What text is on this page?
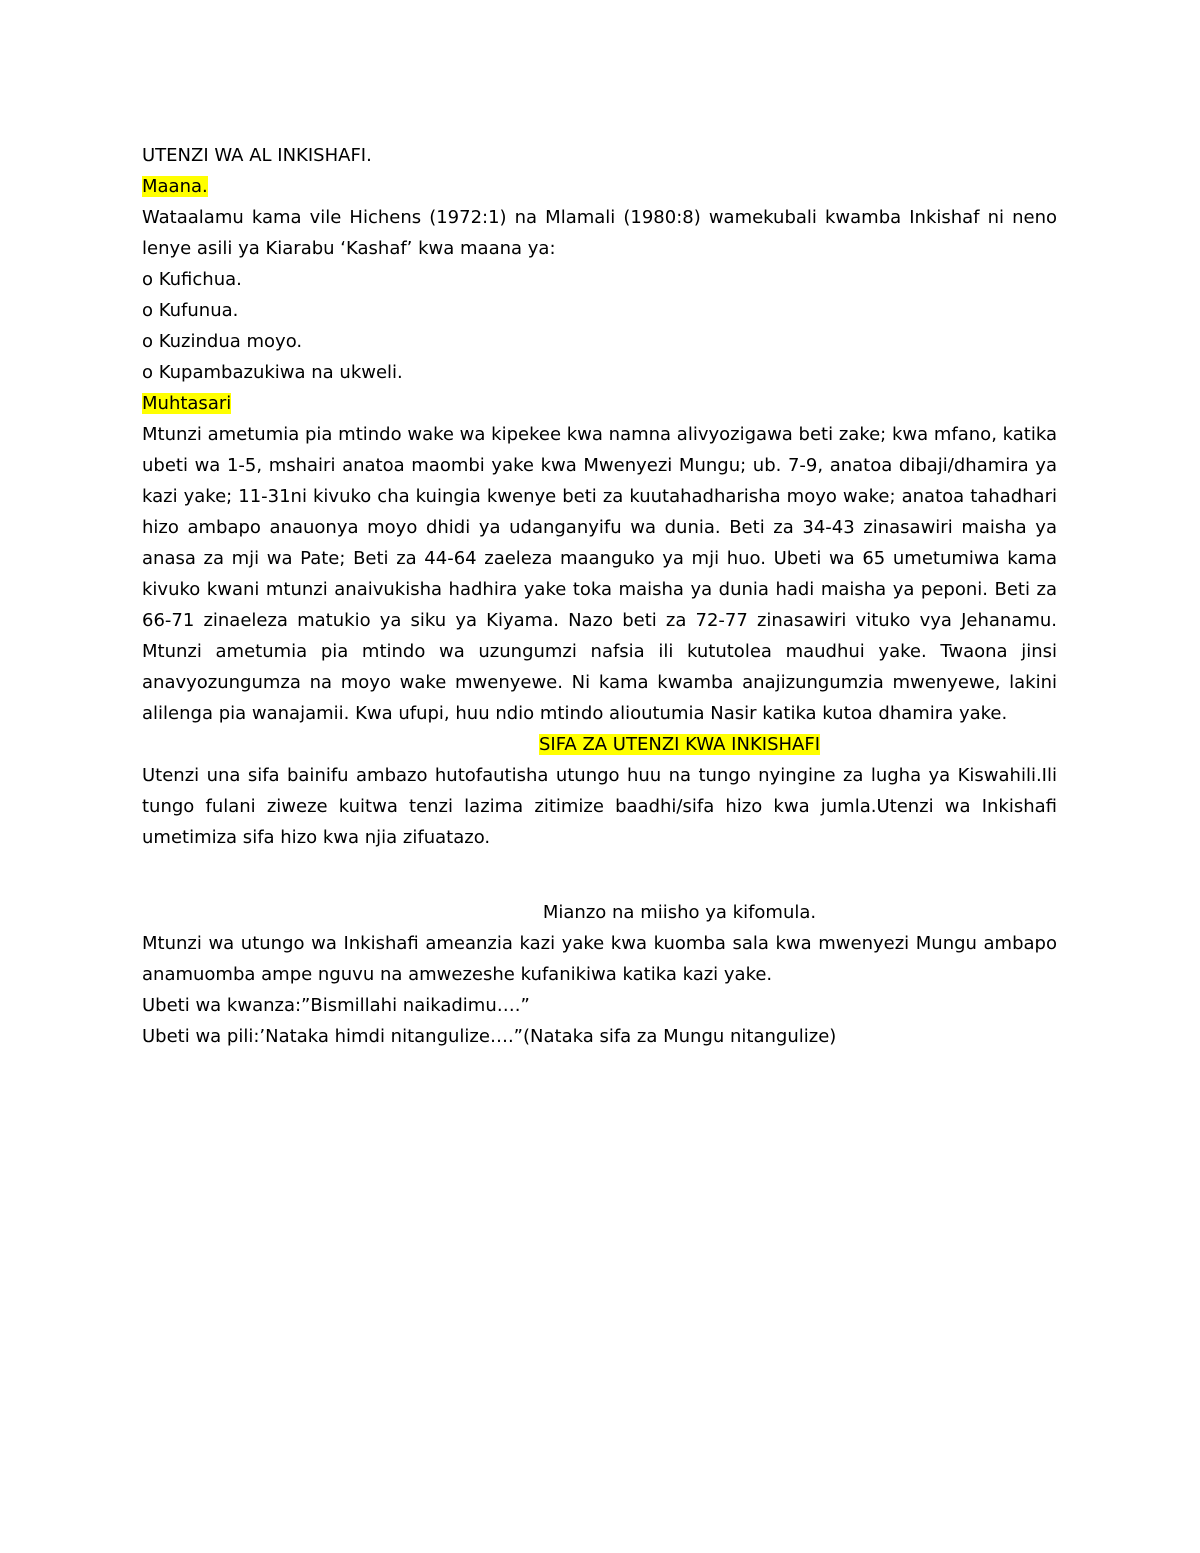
UTENZI WA AL INKISHAFI.

Maana.

Wataalamu kama vile Hichens (1972:1) na Mlamali (1980:8) wamekubali kwamba Inkishaf ni neno lenye asili ya Kiarabu ‘Kashaf’ kwa maana ya:

o Kufichua.

o Kufunua.

o Kuzindua moyo.

o Kupambazukiwa na ukweli.

Muhtasari

Mtunzi ametumia pia mtindo wake wa kipekee kwa namna alivyozigawa beti zake; kwa mfano, katika ubeti wa 1-5, mshairi anatoa maombi yake kwa Mwenyezi Mungu; ub. 7-9, anatoa dibaji/dhamira ya kazi yake; 11-31ni kivuko cha kuingia kwenye beti za kuutahadharisha moyo wake; anatoa tahadhari hizo ambapo anauonya moyo dhidi ya udanganyifu wa dunia. Beti za 34-43 zinasawiri maisha ya anasa za mji wa Pate; Beti za 44-64 zaeleza maanguko ya mji huo. Ubeti wa 65 umetumiwa kama kivuko kwani mtunzi anaivukisha hadhira yake toka maisha ya dunia hadi maisha ya peponi. Beti za 66-71 zinaeleza matukio ya siku ya Kiyama. Nazo beti za 72-77 zinasawiri vituko vya Jehanamu. Mtunzi ametumia pia mtindo wa uzungumzi nafsia ili kututolea maudhui yake. Twaona jinsi anavyozungumza na moyo wake mwenyewe. Ni kama kwamba anajizungumzia mwenyewe, lakini alilenga pia wanajamii. Kwa ufupi, huu ndio mtindo alioutumia Nasir katika kutoa dhamira yake.

SIFA ZA UTENZI KWA INKISHAFI

Utenzi una sifa bainifu ambazo hutofautisha utungo huu na tungo nyingine za lugha ya Kiswahili.Ili tungo fulani ziweze kuitwa tenzi lazima zitimize baadhi/sifa hizo kwa jumla.Utenzi wa Inkishafi umetimiza sifa hizo kwa njia zifuatazo.

Mianzo na miisho ya kifomula.

Mtunzi wa utungo wa Inkishafi ameanzia kazi yake kwa kuomba sala kwa mwenyezi Mungu ambapo anamuomba ampe nguvu na amwezeshe kufanikiwa katika kazi yake.

Ubeti wa kwanza:”Bismillahi naikadimu….”

Ubeti wa pili:’Nataka himdi nitangulize….”(Nataka sifa za Mungu nitangulize)
